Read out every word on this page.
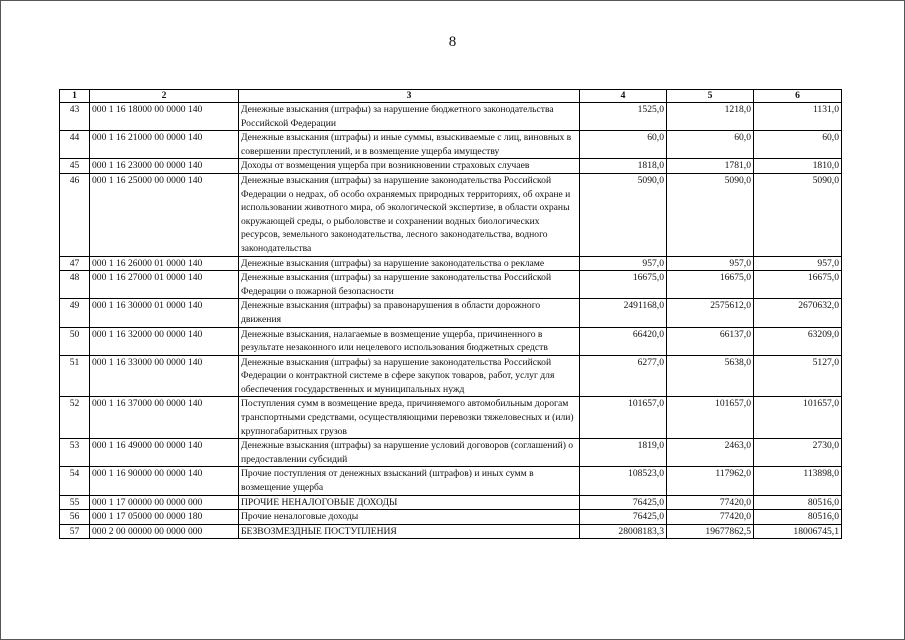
8
1	2	3	4	5	6
43	000 1 16 18000 00 0000 140	Денежные взыскания (штрафы) за нарушение бюджетного законодательства Российской Федерации	1525,0	1218,0	1131,0
44	000 1 16 21000 00 0000 140	Денежные взыскания (штрафы) и иные суммы, взыскиваемые с лиц, виновных в совершении преступлений, и в возмещение ущерба имуществу	60,0	60,0	60,0
45	000 1 16 23000 00 0000 140	Доходы от возмещения ущерба при возникновении страховых случаев	1818,0	1781,0	1810,0
46	000 1 16 25000 00 0000 140	Денежные взыскания (штрафы) за нарушение законодательства Российской Федерации о недрах, об особо охраняемых природных территориях, об охране и использовании животного мира, об экологической экспертизе, в области охраны окружающей среды, о рыболовстве и сохранении водных биологических ресурсов, земельного законодательства, лесного законодательства, водного законодательства	5090,0	5090,0	5090,0
47	000 1 16 26000 01 0000 140	Денежные взыскания (штрафы) за нарушение законодательства о рекламе	957,0	957,0	957,0
48	000 1 16 27000 01 0000 140	Денежные взыскания (штрафы) за нарушение законодательства Российской Федерации о пожарной безопасности	16675,0	16675,0	16675,0
49	000 1 16 30000 01 0000 140	Денежные взыскания (штрафы) за правонарушения в области дорожного движения	2491168,0	2575612,0	2670632,0
50	000 1 16 32000 00 0000 140	Денежные взыскания, налагаемые в возмещение ущерба, причиненного в результате незаконного или нецелевого использования бюджетных средств	66420,0	66137,0	63209,0
51	000 1 16 33000 00 0000 140	Денежные взыскания (штрафы) за нарушение законодательства Российской Федерации о контрактной системе в сфере закупок товаров, работ, услуг для обеспечения государственных и муниципальных нужд	6277,0	5638,0	5127,0
52	000 1 16 37000 00 0000 140	Поступления сумм в возмещение вреда, причиняемого автомобильным дорогам транспортными средствами, осуществляющими перевозки тяжеловесных и (или) крупногабаритных грузов	101657,0	101657,0	101657,0
53	000 1 16 49000 00 0000 140	Денежные взыскания (штрафы) за нарушение условий договоров (соглашений) о предоставлении субсидий	1819,0	2463,0	2730,0
54	000 1 16 90000 00 0000 140	Прочие поступления от денежных взысканий (штрафов) и иных сумм в возмещение ущерба	108523,0	117962,0	113898,0
55	000 1 17 00000 00 0000 000	ПРОЧИЕ НЕНАЛОГОВЫЕ ДОХОДЫ	76425,0	77420,0	80516,0
56	000 1 17 05000 00 0000 180	Прочие неналоговые доходы	76425,0	77420,0	80516,0
57	000 2 00 00000 00 0000 000	БЕЗВОЗМЕЗДНЫЕ ПОСТУПЛЕНИЯ	28008183,3	19677862,5	18006745,1
